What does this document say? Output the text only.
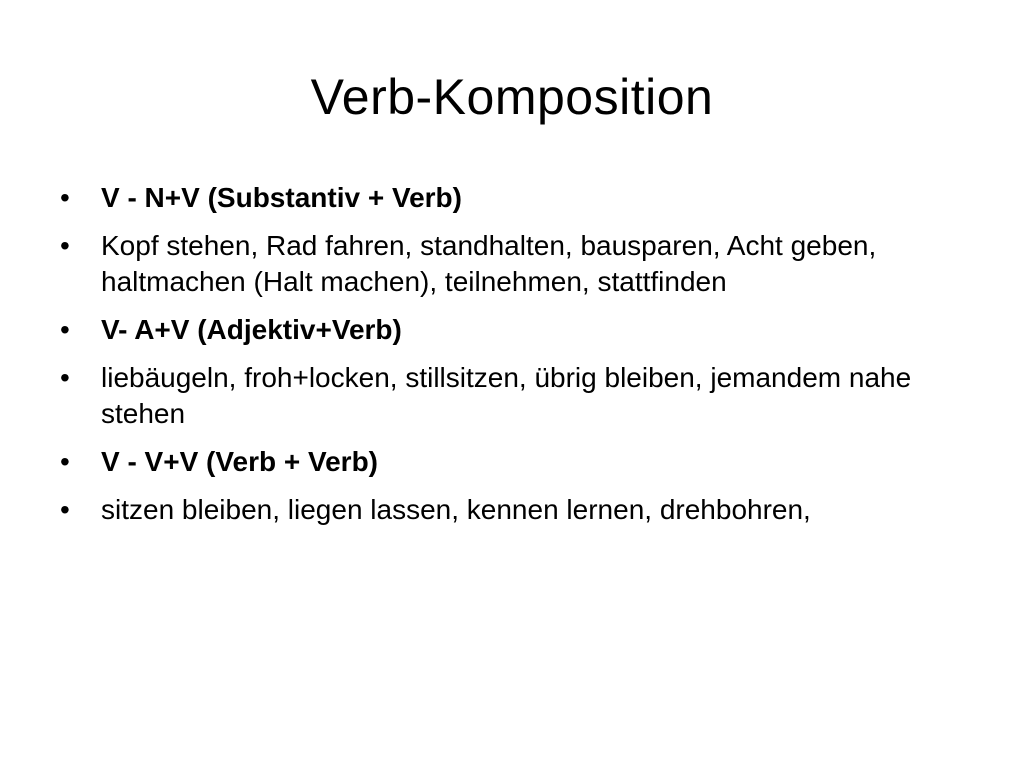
Verb-Komposition
•	V - N+V (Substantiv + Verb)
•	Kopf stehen, Rad fahren, standhalten, bausparen, Acht geben, haltmachen (Halt machen), teilnehmen, stattfinden
•	V- A+V (Adjektiv+Verb)
•	liebäugeln, froh+locken, stillsitzen, übrig bleiben, jemandem nahe stehen
•	V - V+V (Verb + Verb)
•	sitzen bleiben, liegen lassen, kennen lernen, drehbohren,
